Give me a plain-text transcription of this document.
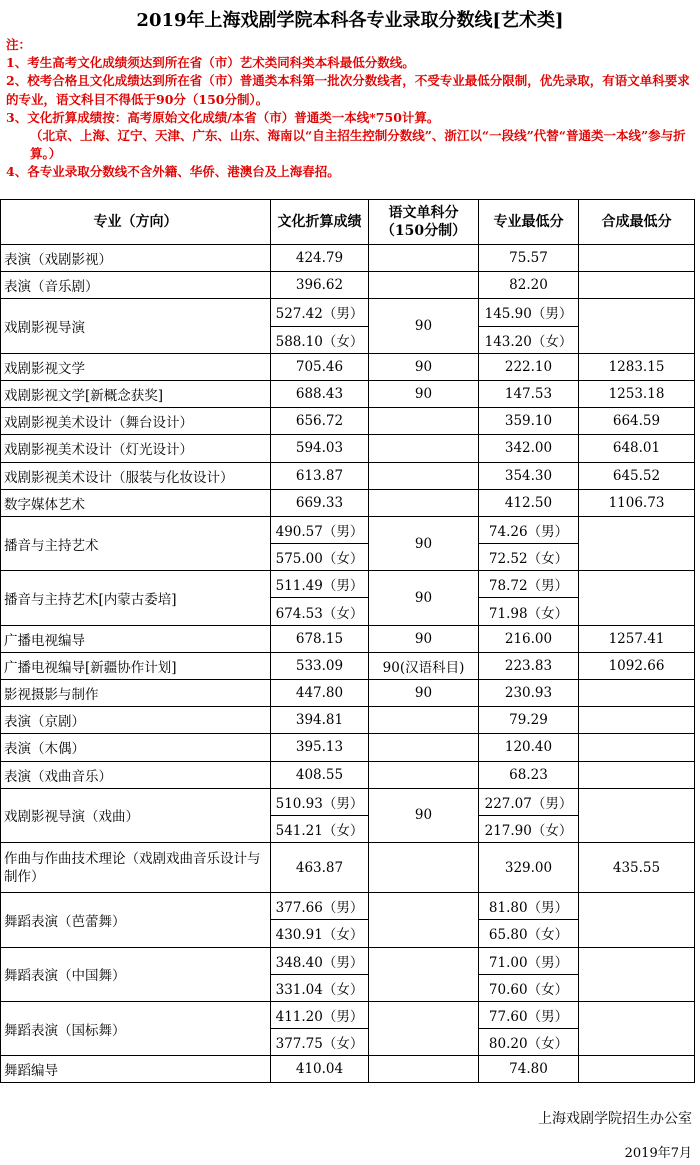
2019年上海戏剧学院本科各专业录取分数线[艺术类]
注：
1、考生高考文化成绩须达到所在省（市）艺术类同科类本科最低分数线。
2、校考合格且文化成绩达到所在省（市）普通类本科第一批次分数线者，不受专业最低分限制，优先录取，有语文单科要求的专业，语文科目不得低于90分（150分制）。
3、文化折算成绩按：高考原始文化成绩/本省（市）普通类一本线*750计算。
（北京、上海、辽宁、天津、广东、山东、海南以“自主招生控制分数线”、浙江以“一段线”代替“普通类一本线”参与折算。）
4、各专业录取分数线不含外籍、华侨、港澳台及上海春招。
专业（方向）	文化折算成绩	语文单科分（150分制）	专业最低分	合成最低分
表演（戏剧影视）	424.79		75.57	
表演（音乐剧）	396.62		82.20	
戏剧影视导演	527.42（男）	90	145.90（男）	
	588.10（女）		143.20（女）	
戏剧影视文学	705.46	90	222.10	1283.15
戏剧影视文学[新概念获奖]	688.43	90	147.53	1253.18
戏剧影视美术设计（舞台设计）	656.72		359.10	664.59
戏剧影视美术设计（灯光设计）	594.03		342.00	648.01
戏剧影视美术设计（服装与化妆设计）	613.87		354.30	645.52
数字媒体艺术	669.33		412.50	1106.73
播音与主持艺术	490.57（男）	90	74.26（男）	
	575.00（女）		72.52（女）	
播音与主持艺术[内蒙古委培]	511.49（男）	90	78.72（男）	
	674.53（女）		71.98（女）	
广播电视编导	678.15	90	216.00	1257.41
广播电视编导[新疆协作计划]	533.09	90(汉语科目)	223.83	1092.66
影视摄影与制作	447.80	90	230.93	
表演（京剧）	394.81		79.29	
表演（木偶）	395.13		120.40	
表演（戏曲音乐）	408.55		68.23	
戏剧影视导演（戏曲）	510.93（男）	90	227.07（男）	
	541.21（女）		217.90（女）	
作曲与作曲技术理论（戏剧戏曲音乐设计与制作）	463.87		329.00	435.55
舞蹈表演（芭蕾舞）	377.66（男）		81.80（男）	
	430.91（女）		65.80（女）	
舞蹈表演（中国舞）	348.40（男）		71.00（男）	
	331.04（女）		70.60（女）	
舞蹈表演（国标舞）	411.20（男）		77.60（男）	
	377.75（女）		80.20（女）	
舞蹈编导	410.04		74.80	
上海戏剧学院招生办公室
2019年7月
